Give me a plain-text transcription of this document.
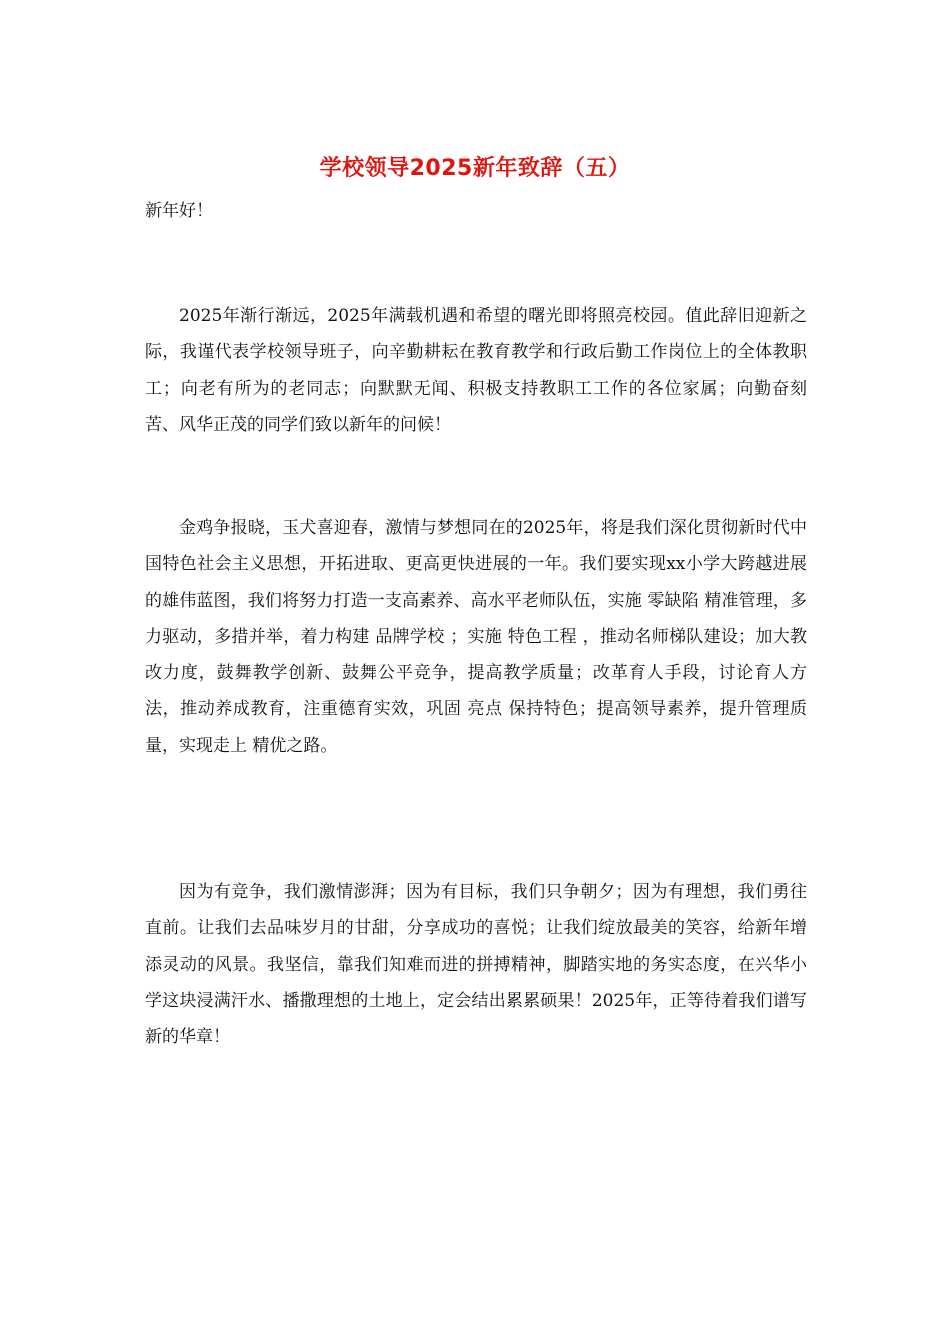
学校领导2025新年致辞（五）
新年好！

2025年渐行渐远，2025年满载机遇和希望的曙光即将照亮校园。值此辞旧迎新之际，我谨代表学校领导班子，向辛勤耕耘在教育教学和行政后勤工作岗位上的全体教职工；向老有所为的老同志；向默默无闻、积极支持教职工工作的各位家属；向勤奋刻苦、风华正茂的同学们致以新年的问候！

金鸡争报晓，玉犬喜迎春，激情与梦想同在的2025年，将是我们深化贯彻新时代中国特色社会主义思想，开拓进取、更高更快进展的一年。我们要实现xx小学大跨越进展 的雄伟蓝图，我们将努力打造一支高素养、高水平老师队伍，实施 零缺陷 精准管理，多力驱动，多措并举，着力构建 品牌学校 ；实施 特色工程 ，推动名师梯队建设；加大教改力度，鼓舞教学创新、鼓舞公平竞争，提高教学质量；改革育人手段，讨论育人方法，推动养成教育，注重德育实效，巩固 亮点 保持特色；提高领导素养，提升管理质量，实现走上 精优之路。

因为有竞争，我们激情澎湃；因为有目标，我们只争朝夕；因为有理想，我们勇往直前。让我们去品味岁月的甘甜，分享成功的喜悦；让我们绽放最美的笑容，给新年增添灵动的风景。我坚信，靠我们知难而进的拼搏精神，脚踏实地的务实态度，在兴华小学这块浸满汗水、播撒理想的土地上，定会结出累累硕果！2025年，正等待着我们谱写新的华章！
